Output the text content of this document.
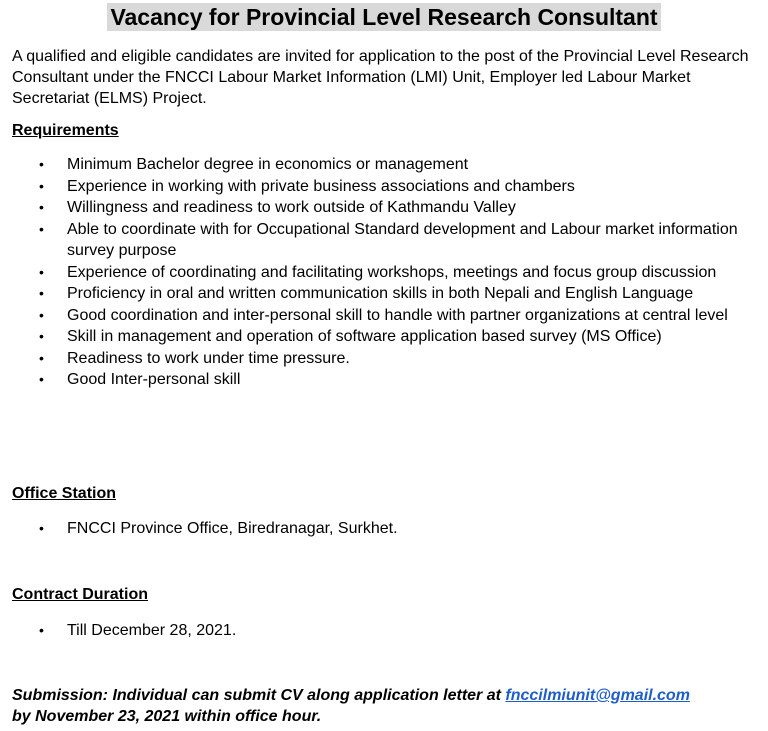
Vacancy for Provincial Level Research Consultant
A qualified and eligible candidates are invited for application to the post of the Provincial Level Research Consultant under the FNCCI Labour Market Information (LMI) Unit, Employer led Labour Market Secretariat (ELMS) Project.
Requirements
• Minimum Bachelor degree in economics or management
• Experience in working with private business associations and chambers
• Willingness and readiness to work outside of Kathmandu Valley
• Able to coordinate with for Occupational Standard development and Labour market information survey purpose
• Experience of coordinating and facilitating workshops, meetings and focus group discussion
• Proficiency in oral and written communication skills in both Nepali and English Language
• Good coordination and inter-personal skill to handle with partner organizations at central level
• Skill in management and operation of software application based survey (MS Office)
• Readiness to work under time pressure.
• Good Inter-personal skill
Office Station
• FNCCI Province Office, Biredranagar, Surkhet.
Contract Duration
• Till December 28, 2021.
Submission: Individual can submit CV along application letter at fnccilmiunit@gmail.com
by November 23, 2021 within office hour.
